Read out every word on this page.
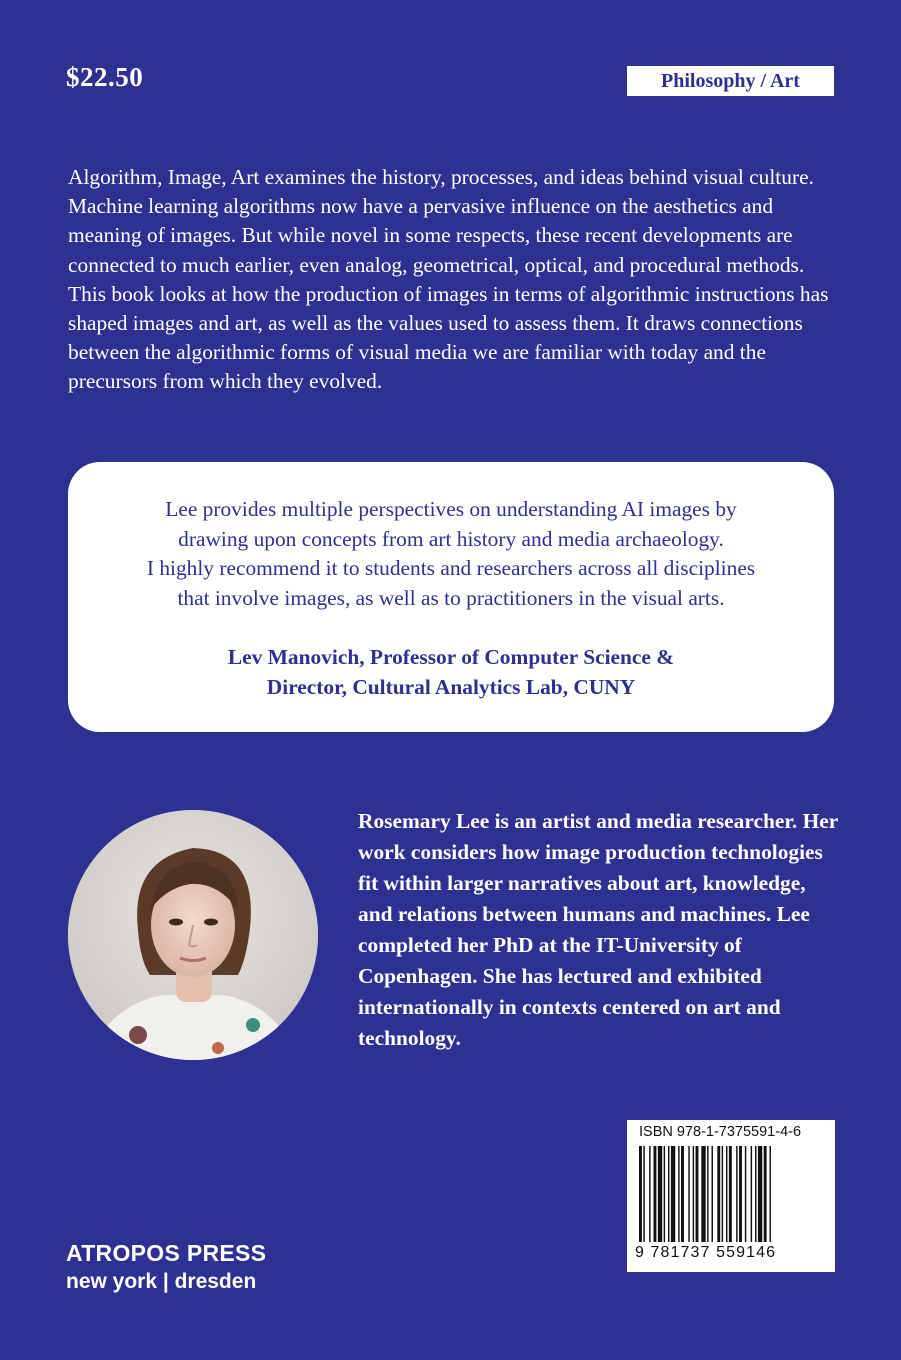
$22.50	Philosophy / Art

Algorithm, Image, Art examines the history, processes, and ideas behind visual culture. Machine learning algorithms now have a pervasive influence on the aesthetics and meaning of images. But while novel in some respects, these recent developments are connected to much earlier, even analog, geometrical, optical, and procedural methods. This book looks at how the production of images in terms of algorithmic instructions has shaped images and art, as well as the values used to assess them. It draws connections between the algorithmic forms of visual media we are familiar with today and the precursors from which they evolved.

Lee provides multiple perspectives on understanding AI images by
drawing upon concepts from art history and media archaeology.
I highly recommend it to students and researchers across all disciplines
that involve images, as well as to practitioners in the visual arts.
Lev Manovich, Professor of Computer Science &
Director, Cultural Analytics Lab, CUNY

Rosemary Lee is an artist and media researcher. Her work considers how image production technologies fit within larger narratives about art, knowledge, and relations between humans and machines. Lee completed her PhD at the IT-University of Copenhagen. She has lectured and exhibited internationally in contexts centered on art and technology.

ISBN 978-1-7375591-4-6
9 781737 559146
ATROPOS PRESS
new york | dresden
